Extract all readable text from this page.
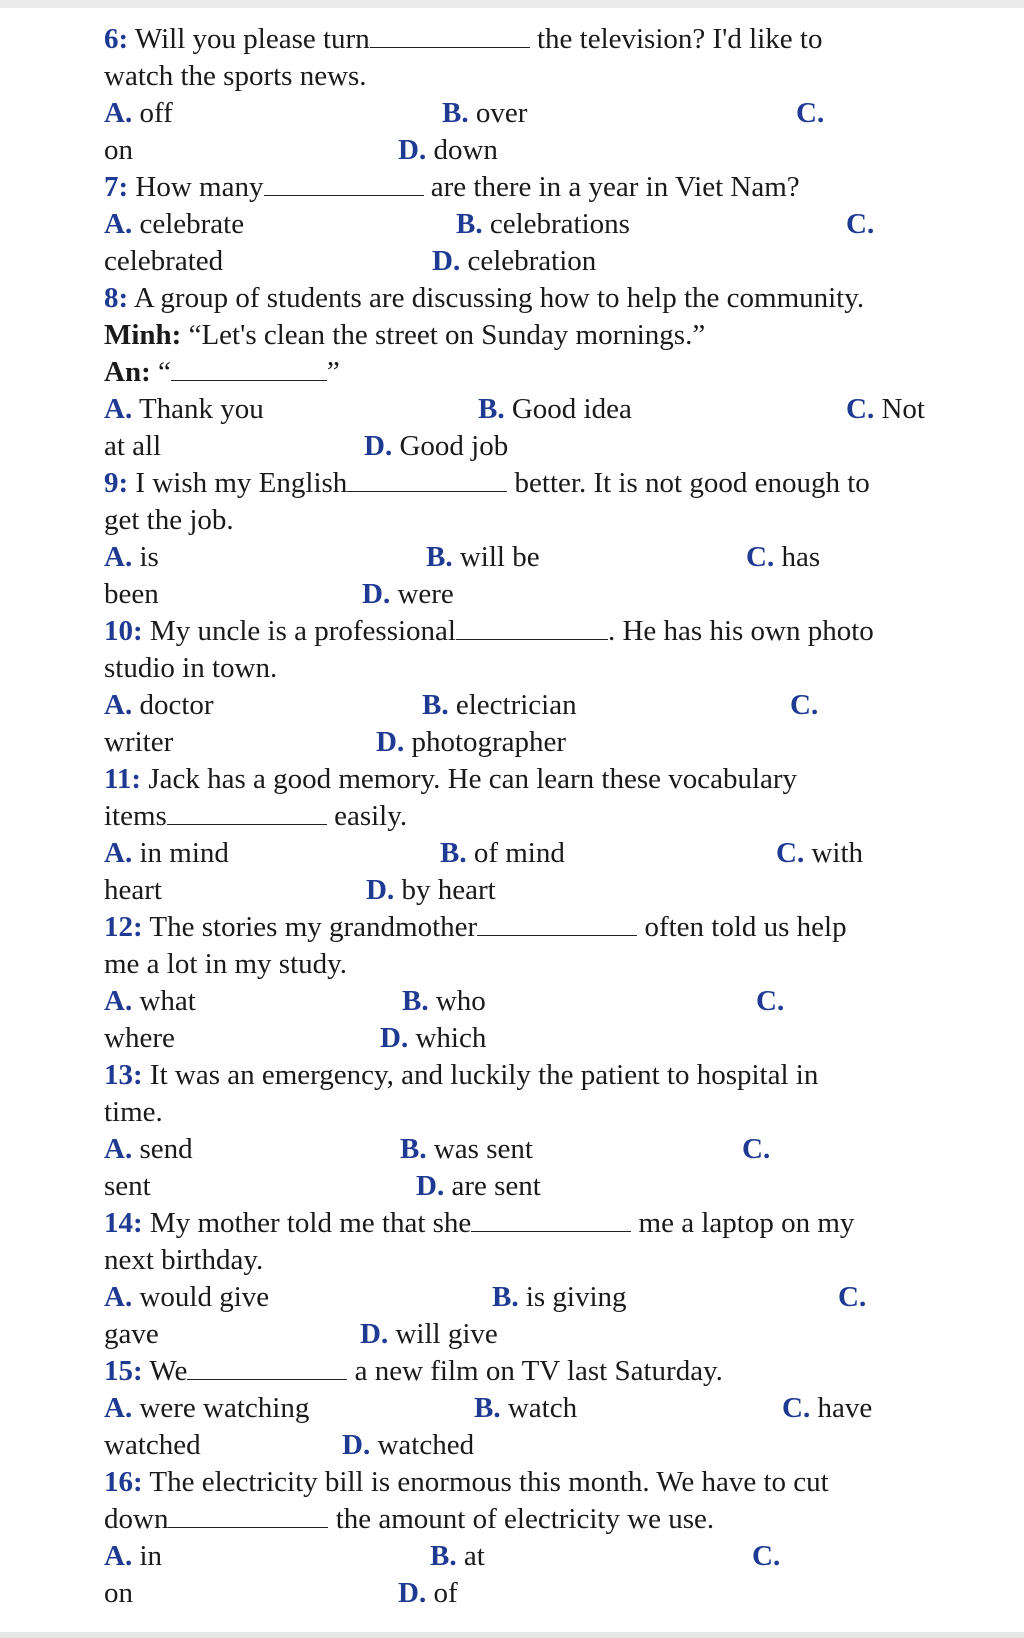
6: Will you please turn	the television? I'd like to
watch the sports news.
A. off	B. over	C.
on	D. down
7: How many	are there in a year in Viet Nam?
A. celebrate	B. celebrations	C.
celebrated	D. celebration
8: A group of students are discussing how to help the community.
Minh: “Let's clean the street on Sunday mornings.”
An: “	”
A. Thank you	B. Good idea	C. Not
at all	D. Good job
9: I wish my English	better. It is not good enough to
get the job.
A. is	B. will be	C. has
been	D. were
10: My uncle is a professional	. He has his own photo
studio in town.
A. doctor	B. electrician	C.
writer	D. photographer
11: Jack has a good memory. He can learn these vocabulary
items	easily.
A. in mind	B. of mind	C. with
heart	D. by heart
12: The stories my grandmother	often told us help
me a lot in my study.
A. what	B. who	C.
where	D. which
13: It was an emergency, and luckily the patient to hospital in
time.
A. send	B. was sent	C.
sent	D. are sent
14: My mother told me that she	me a laptop on my
next birthday.
A. would give	B. is giving	C.
gave	D. will give
15: We	a new film on TV last Saturday.
A. were watching	B. watch	C. have
watched	D. watched
16: The electricity bill is enormous this month. We have to cut
down	the amount of electricity we use.
A. in	B. at	C.
on	D. of
